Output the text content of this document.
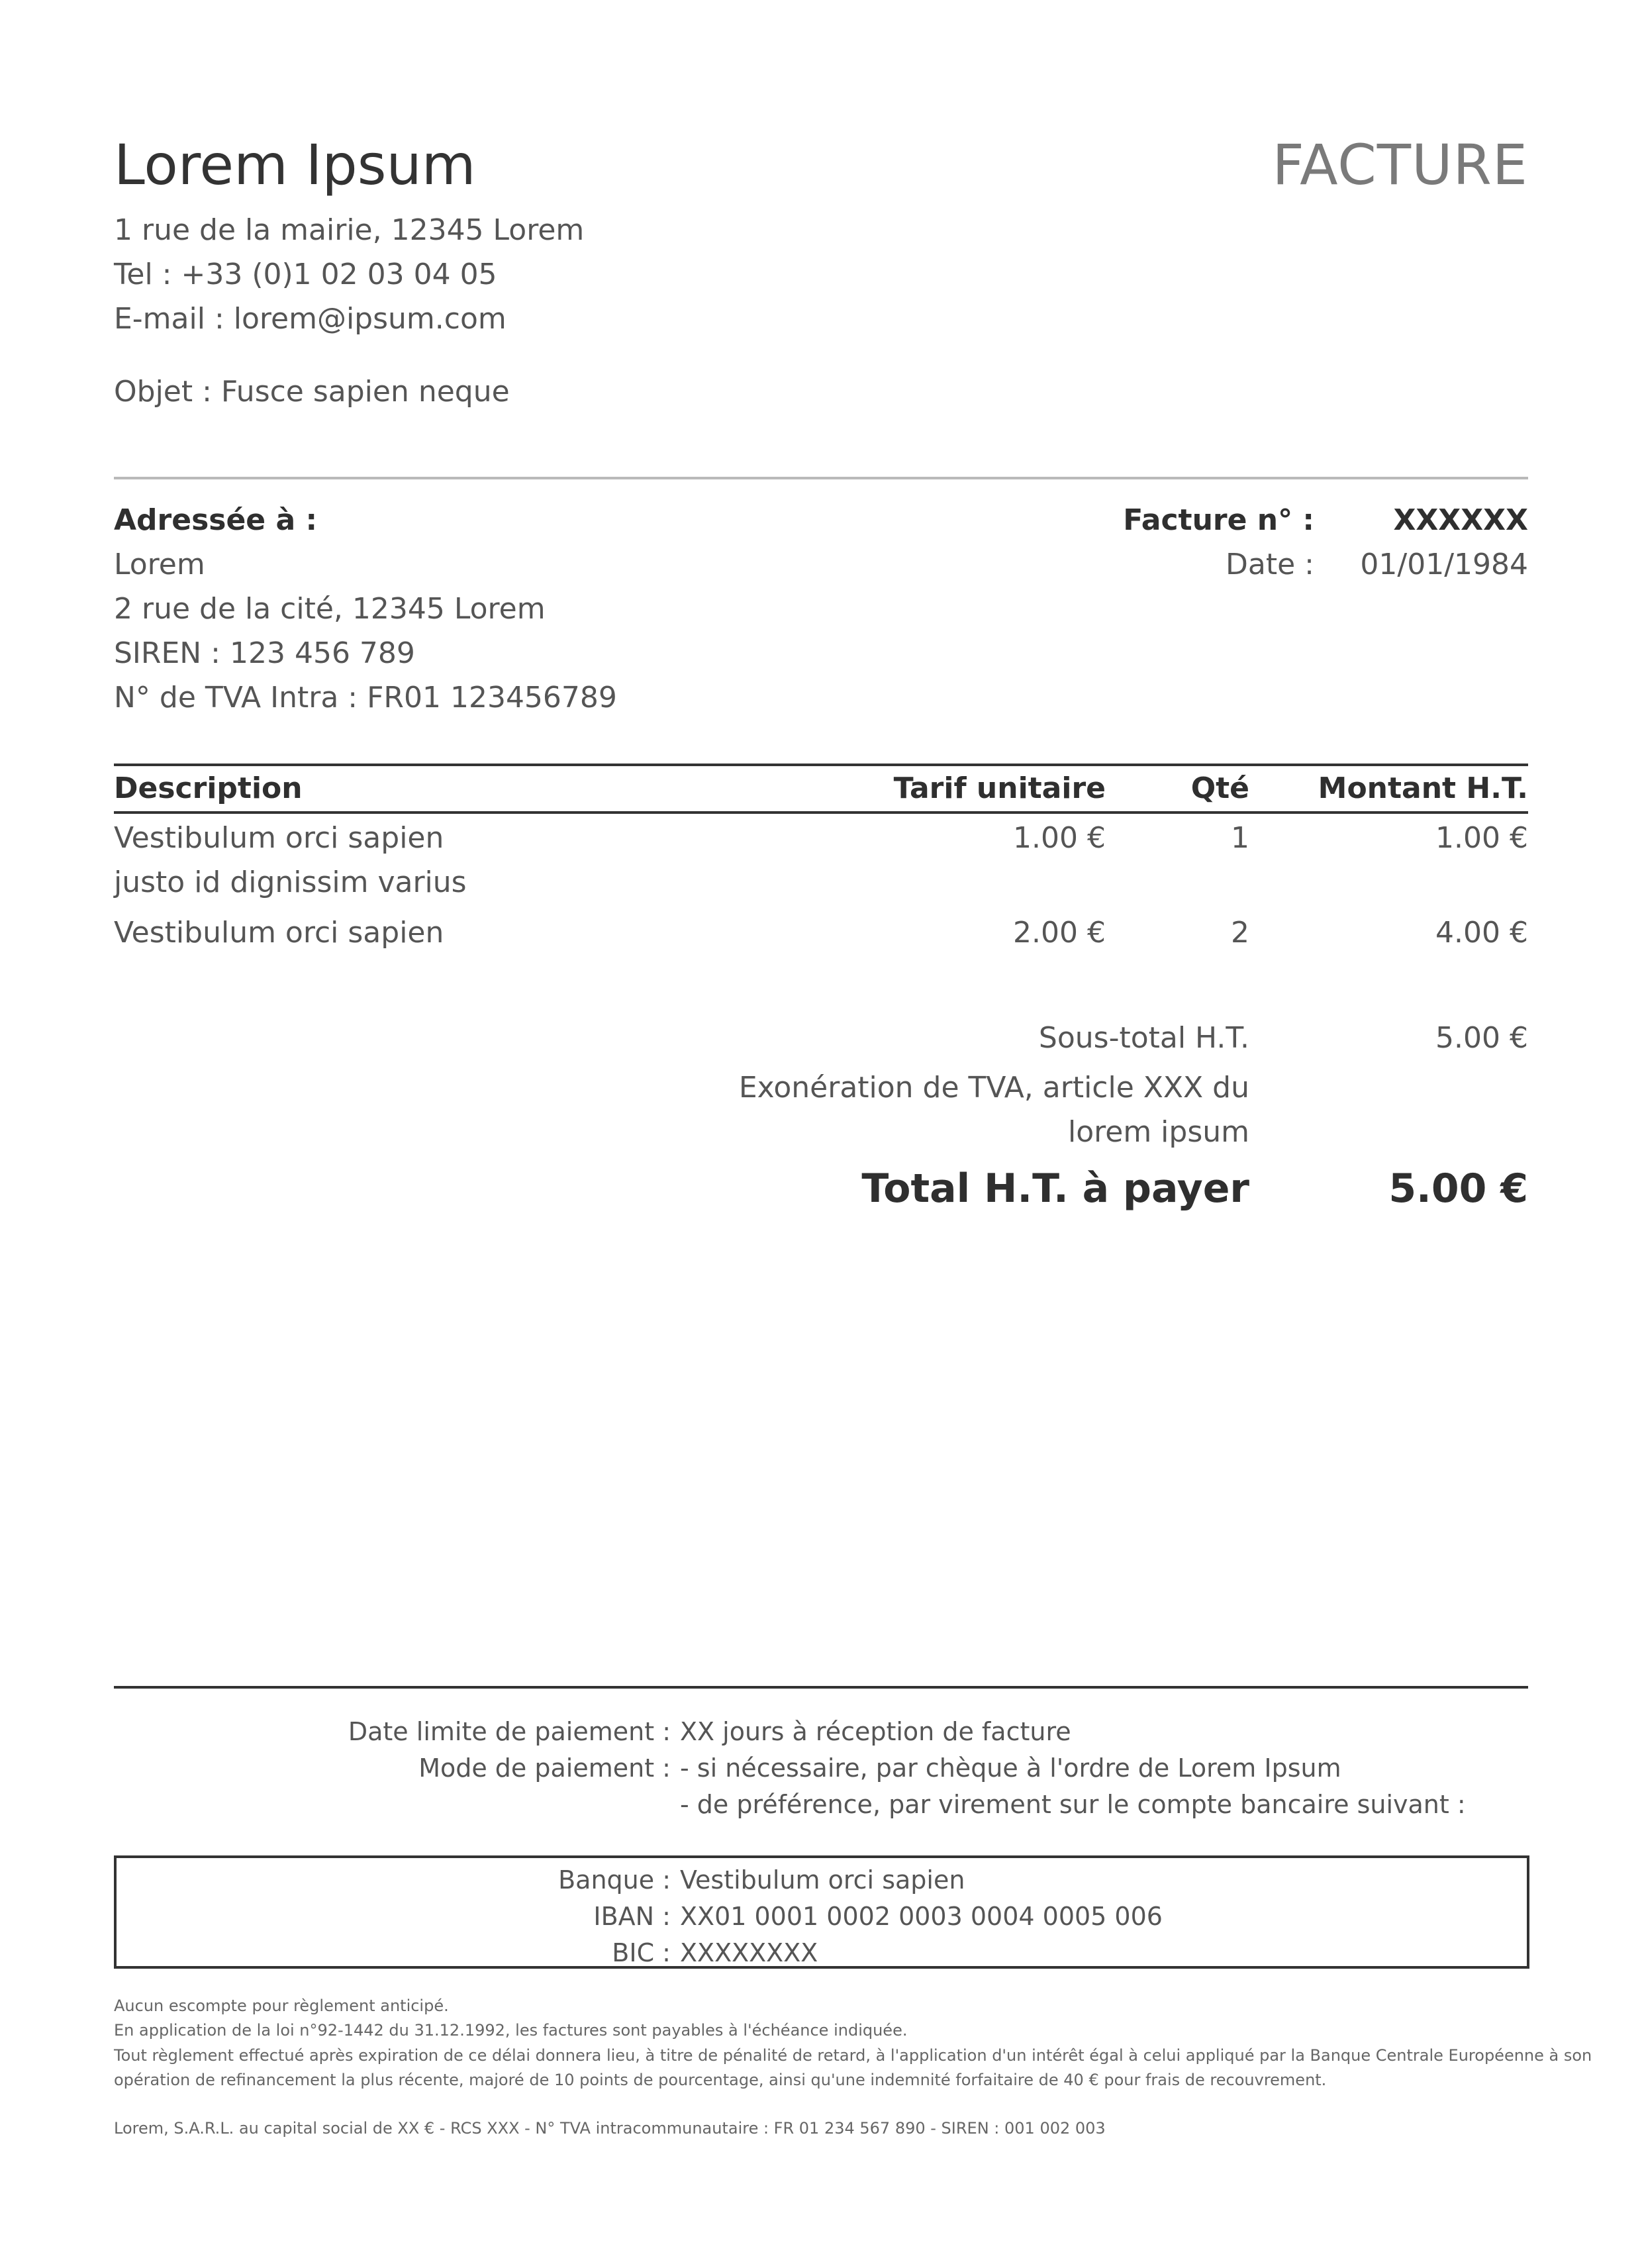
Lorem Ipsum	FACTURE
1 rue de la mairie, 12345 Lorem
Tel : +33 (0)1 02 03 04 05
E-mail : lorem@ipsum.com
Objet : Fusce sapien neque
Adressée à :
Lorem
2 rue de la cité, 12345 Lorem
SIREN : 123 456 789
N° de TVA Intra : FR01 123456789
Facture n° :	XXXXXX
Date : 01/01/1984
Description	Tarif unitaire	Qté Montant H.T.
Vestibulum orci sapien
justo id dignissim varius
1.00 €	1	1.00 €
Vestibulum orci sapien	2.00 €	2	4.00 €
Sous-total H.T.	5.00 €
Exonération de TVA, article XXX du
lorem ipsum
Total H.T. à payer	5.00 €
Date limite de paiement : XX jours à réception de facture
Mode de paiement : - si nécessaire, par chèque à l'ordre de Lorem Ipsum
- de préférence, par virement sur le compte bancaire suivant :
Banque : Vestibulum orci sapien
IBAN : XX01 0001 0002 0003 0004 0005 006
BIC : XXXXXXXX
Aucun escompte pour règlement anticipé.
En application de la loi n°92-1442 du 31.12.1992, les factures sont payables à l'échéance indiquée.
Tout règlement effectué après expiration de ce délai donnera lieu, à titre de pénalité de retard, à l'application d'un intérêt égal à celui appliqué par la Banque Centrale Européenne à son
opération de refinancement la plus récente, majoré de 10 points de pourcentage, ainsi qu'une indemnité forfaitaire de 40 € pour frais de recouvrement.
Lorem, S.A.R.L. au capital social de XX € - RCS XXX - N° TVA intracommunautaire : FR 01 234 567 890 - SIREN : 001 002 003
